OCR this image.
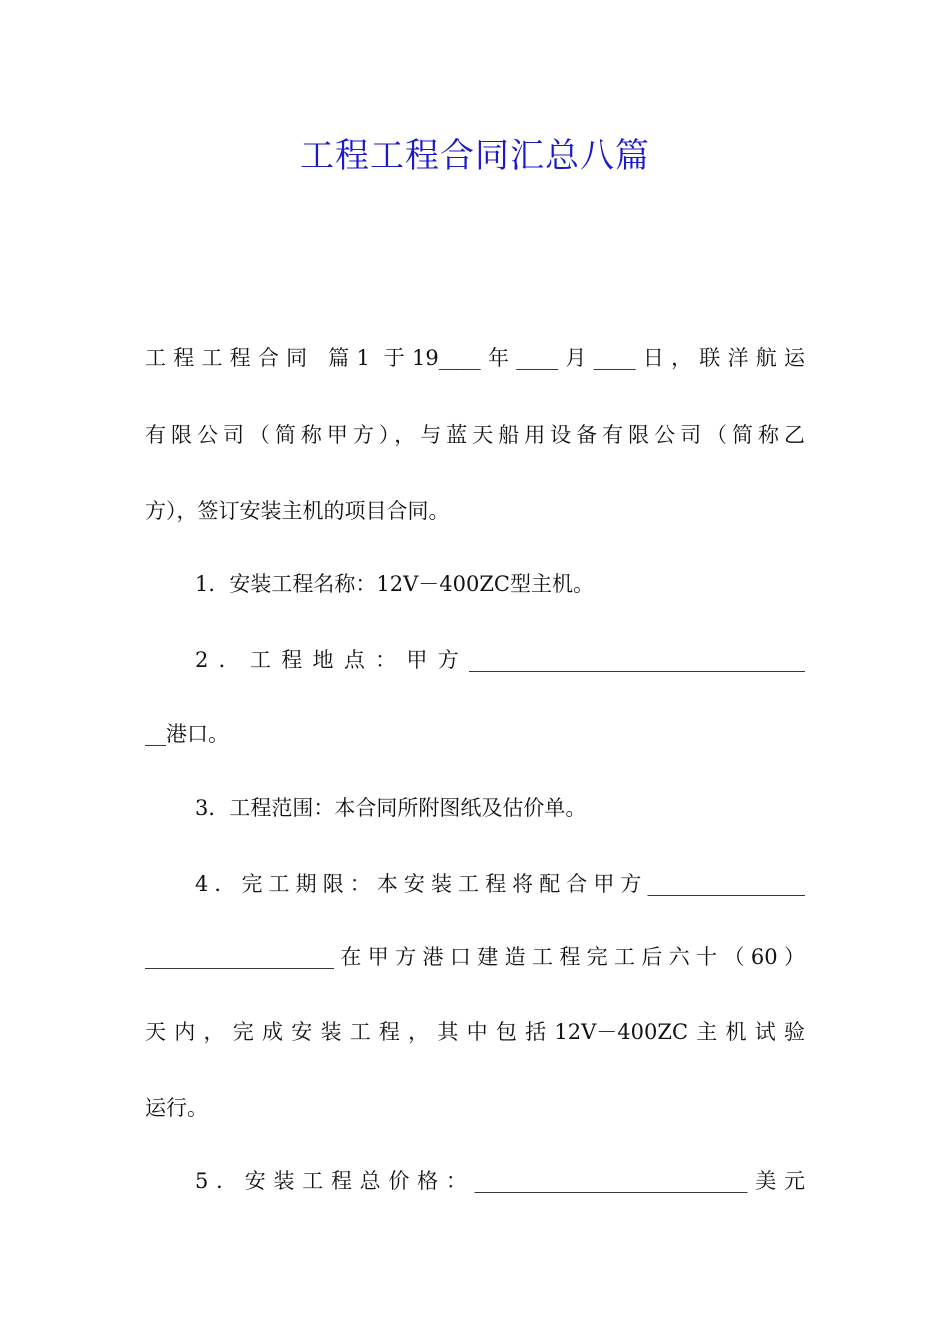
工程工程合同汇总八篇
工程工程合同 篇1 于19____年____月____日，联洋航运
有限公司（简称甲方），与蓝天船用设备有限公司（简称乙
方），签订安装主机的项目合同。
1．安装工程名称：12V－400ZC型主机。
2．工程地点：甲方________________________________
__港口。
3．工程范围：本合同所附图纸及估价单。
4．完工期限：本安装工程将配合甲方_______________
__________________在甲方港口建造工程完工后六十（60）
天内，完成安装工程，其中包括12V－400ZC主机试验
运行。
5．安装工程总价格：__________________________美元
